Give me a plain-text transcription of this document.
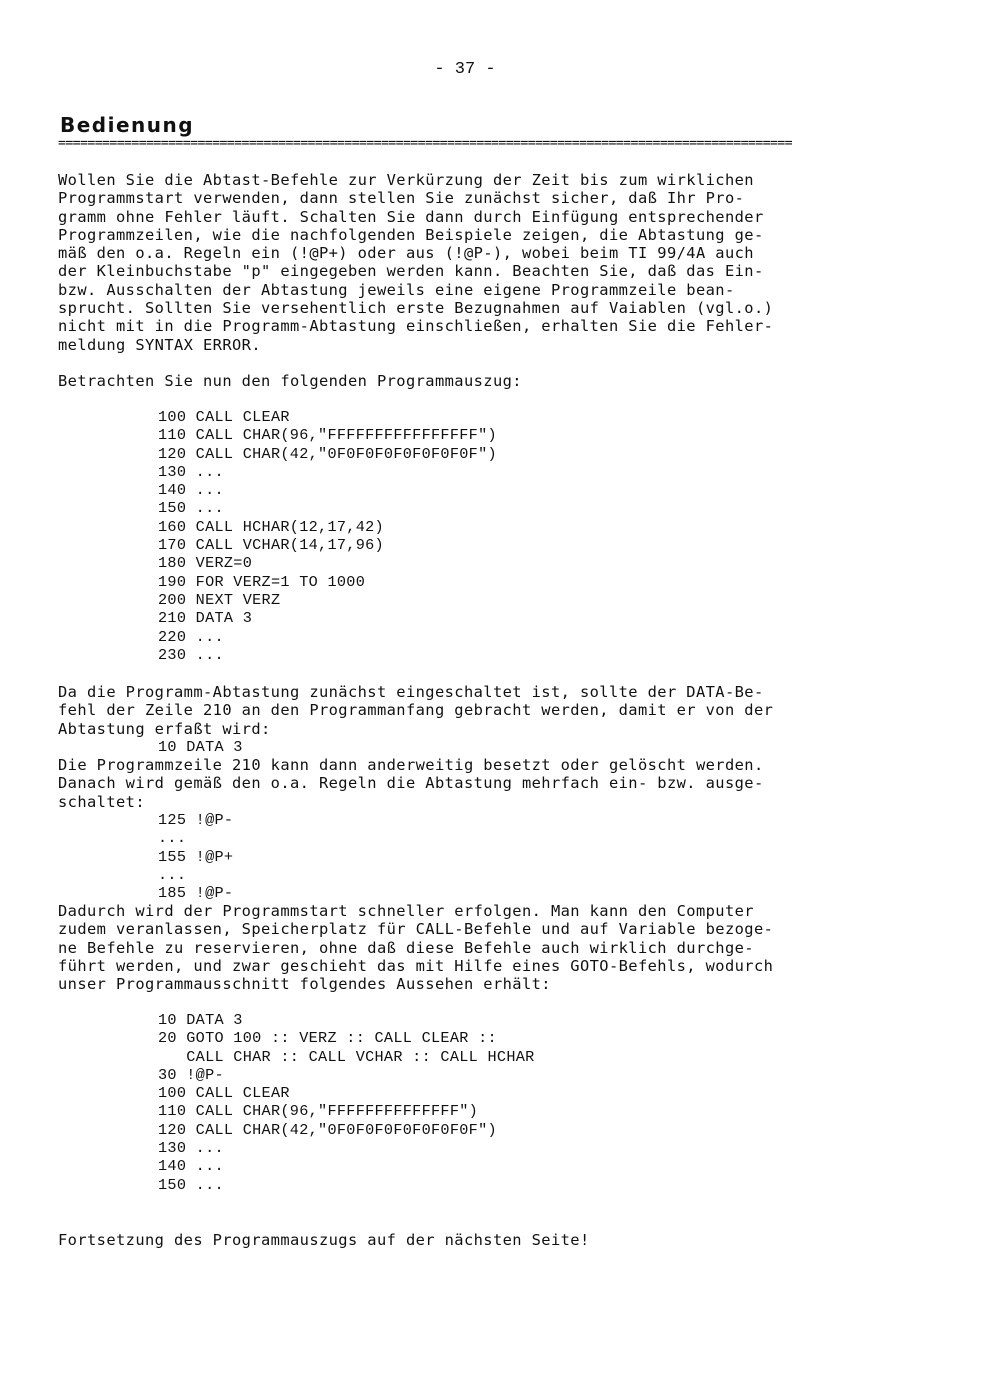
- 37 -
Bedienung
====================================================================================================
Wollen Sie die Abtast-Befehle zur Verkürzung der Zeit bis zum wirklichen
Programmstart verwenden, dann stellen Sie zunächst sicher, daß Ihr Pro-
gramm ohne Fehler läuft. Schalten Sie dann durch Einfügung entsprechender
Programmzeilen, wie die nachfolgenden Beispiele zeigen, die Abtastung ge-
mäß den o.a. Regeln ein (!@P+) oder aus (!@P-), wobei beim TI 99/4A auch
der Kleinbuchstabe "p" eingegeben werden kann. Beachten Sie, daß das Ein-
bzw. Ausschalten der Abtastung jeweils eine eigene Programmzeile bean-
sprucht. Sollten Sie versehentlich erste Bezugnahmen auf Vaiablen (vgl.o.)
nicht mit in die Programm-Abtastung einschließen, erhalten Sie die Fehler-
meldung SYNTAX ERROR.
Betrachten Sie nun den folgenden Programmauszug:
100 CALL CLEAR
110 CALL CHAR(96,"FFFFFFFFFFFFFFFF")
120 CALL CHAR(42,"0F0F0F0F0F0F0F0F")
130 ...
140 ...
150 ...
160 CALL HCHAR(12,17,42)
170 CALL VCHAR(14,17,96)
180 VERZ=0
190 FOR VERZ=1 TO 1000
200 NEXT VERZ
210 DATA 3
220 ...
230 ...
Da die Programm-Abtastung zunächst eingeschaltet ist, sollte der DATA-Be-
fehl der Zeile 210 an den Programmanfang gebracht werden, damit er von der
Abtastung erfaßt wird:
10 DATA 3
Die Programmzeile 210 kann dann anderweitig besetzt oder gelöscht werden.
Danach wird gemäß den o.a. Regeln die Abtastung mehrfach ein- bzw. ausge-
schaltet:
125 !@P-
...
155 !@P+
...
185 !@P-
Dadurch wird der Programmstart schneller erfolgen. Man kann den Computer
zudem veranlassen, Speicherplatz für CALL-Befehle und auf Variable bezoge-
ne Befehle zu reservieren, ohne daß diese Befehle auch wirklich durchge-
führt werden, und zwar geschieht das mit Hilfe eines GOTO-Befehls, wodurch
unser Programmausschnitt folgendes Aussehen erhält:
10 DATA 3
20 GOTO 100 :: VERZ :: CALL CLEAR ::
CALL CHAR :: CALL VCHAR :: CALL HCHAR
30 !@P-
100 CALL CLEAR
110 CALL CHAR(96,"FFFFFFFFFFFFFF")
120 CALL CHAR(42,"0F0F0F0F0F0F0F0F")
130 ...
140 ...
150 ...
Fortsetzung des Programmauszugs auf der nächsten Seite!
